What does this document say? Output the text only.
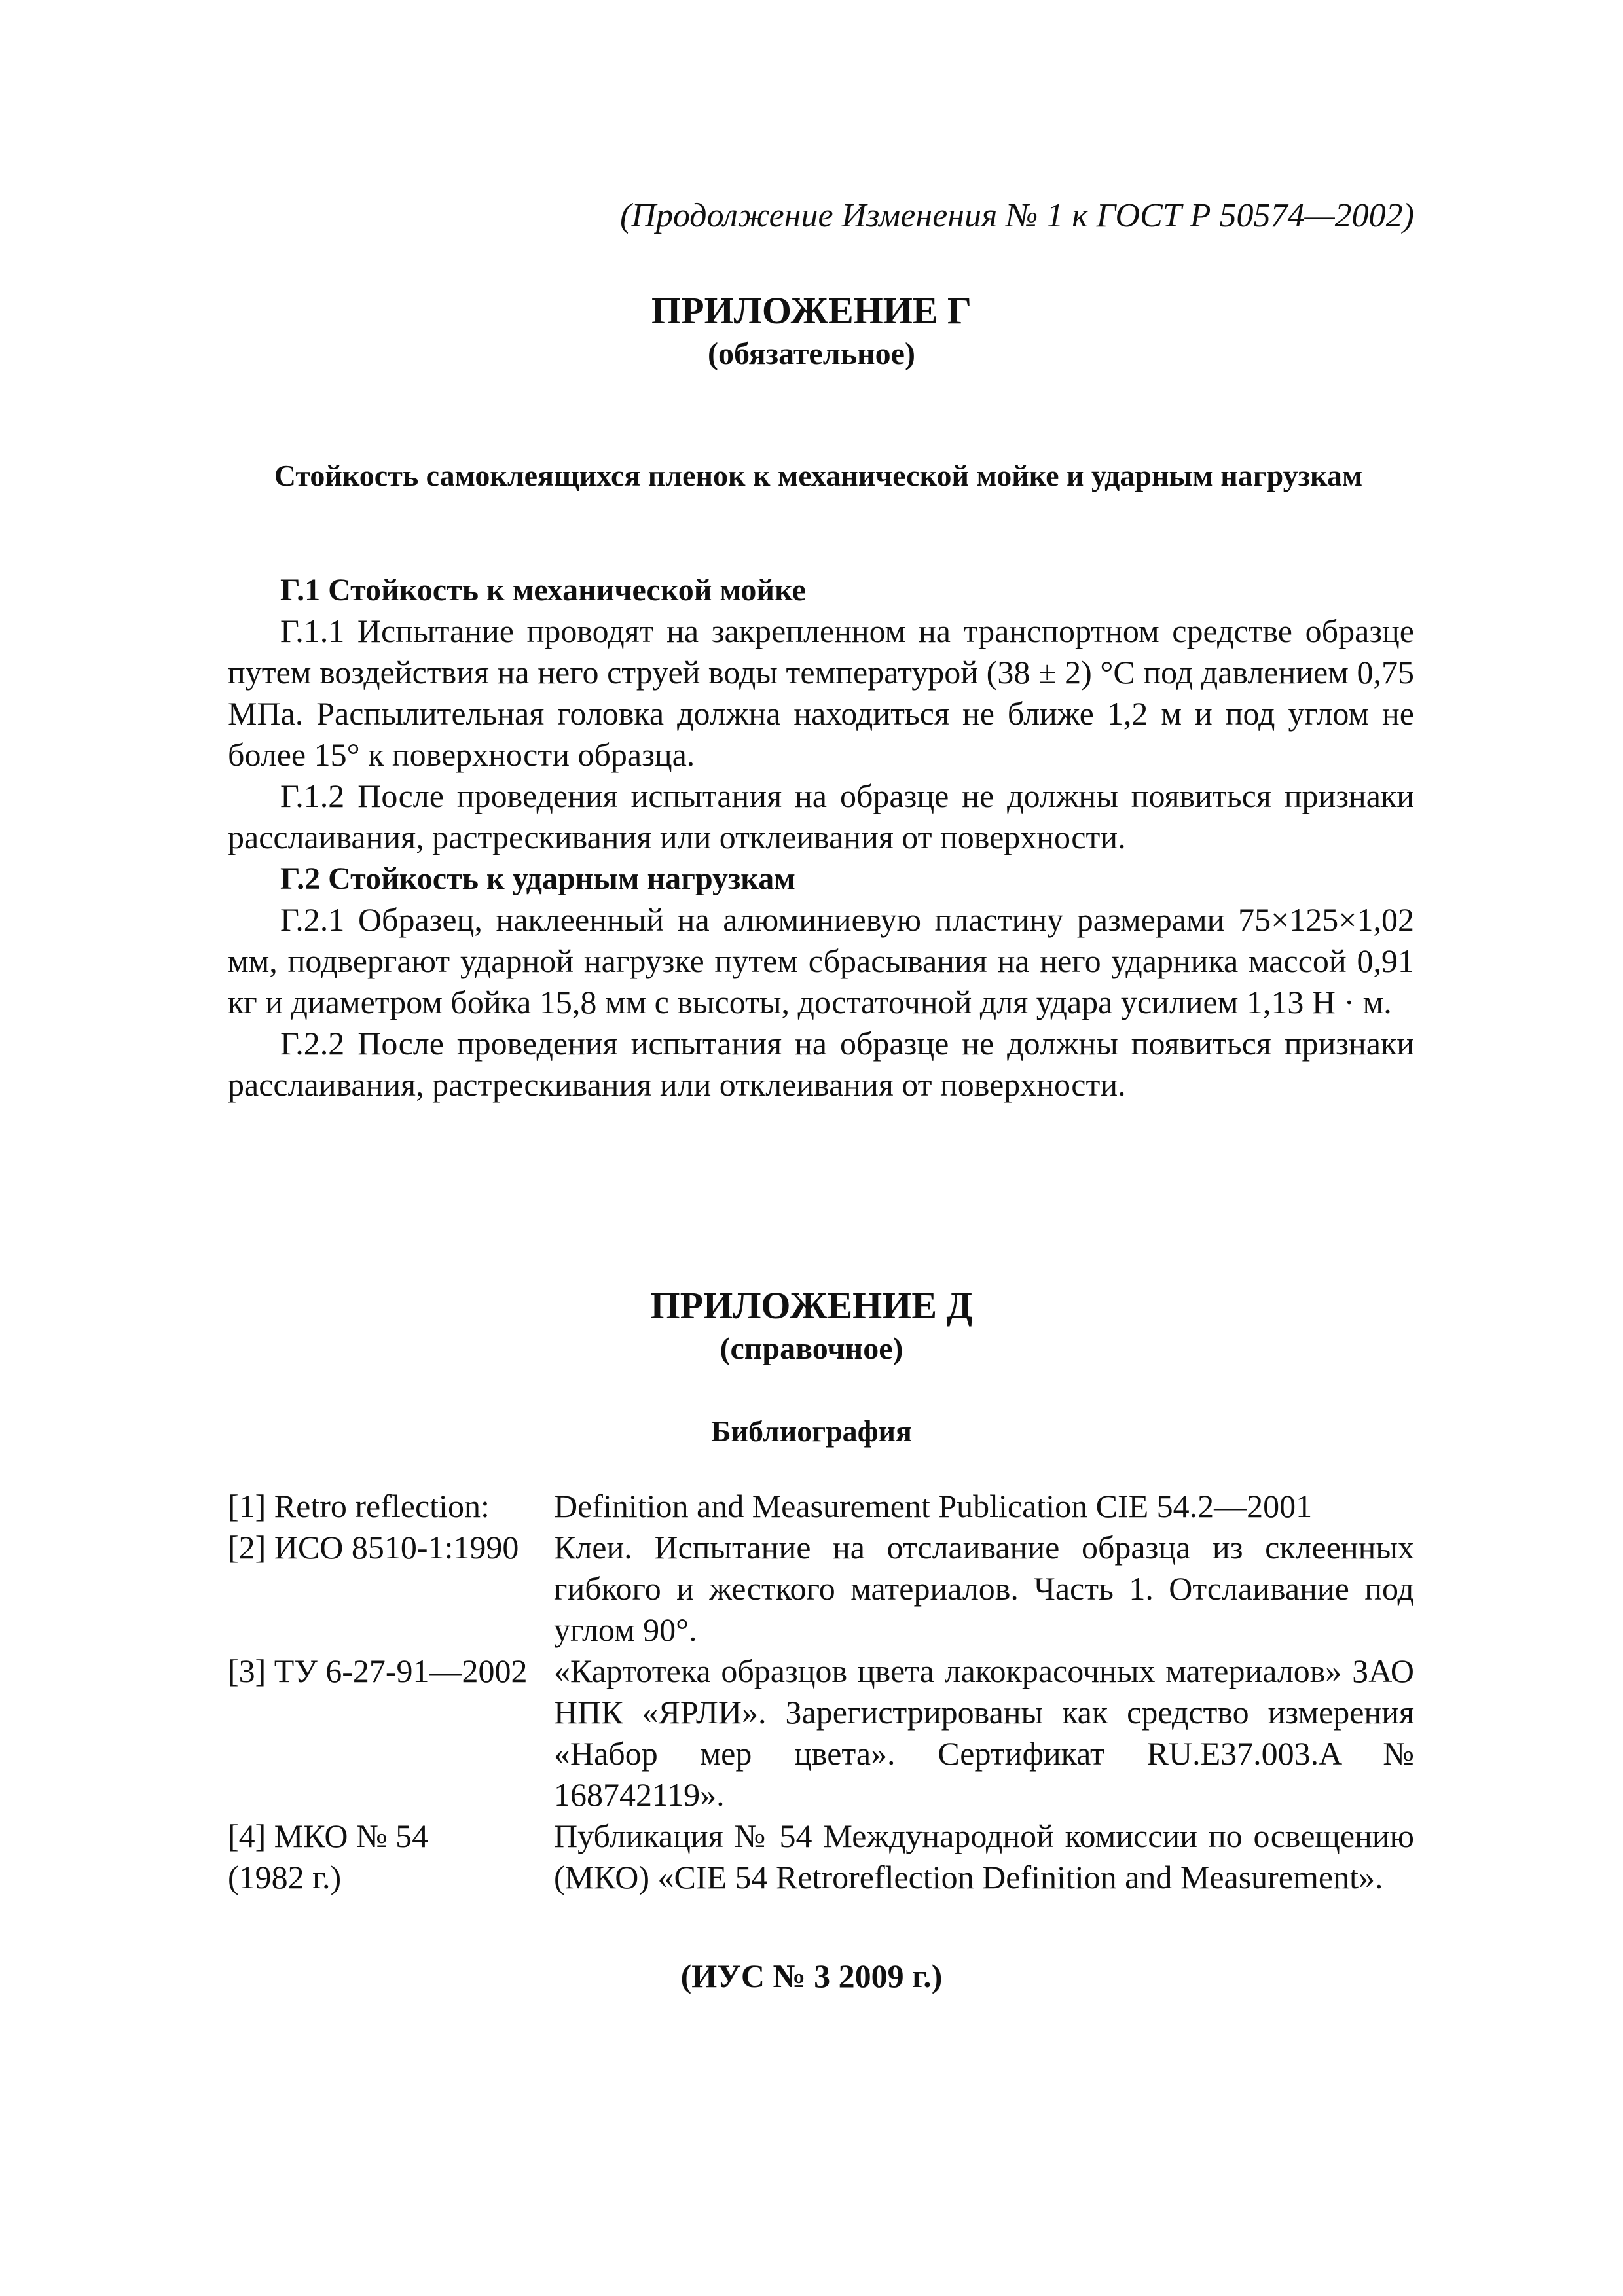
(Продолжение Изменения № 1 к ГОСТ Р 50574—2002)
ПРИЛОЖЕНИЕ Г
(обязательное)
Стойкость самоклеящихся пленок к механической мойке и ударным нагрузкам
Г.1 Стойкость к механической мойке

Г.1.1 Испытание проводят на закрепленном на транспортном средстве образце путем воздействия на него струей воды температурой (38 ± 2) °С под давлением 0,75 МПа. Распылительная головка должна находиться не ближе 1,2 м и под углом не более 15° к поверхности образца.

Г.1.2 После проведения испытания на образце не должны появиться признаки расслаивания, растрескивания или отклеивания от поверхности.

Г.2 Стойкость к ударным нагрузкам

Г.2.1 Образец, наклеенный на алюминиевую пластину размерами 75×125×1,02 мм, подвергают ударной нагрузке путем сбрасывания на него ударника массой 0,91 кг и диаметром бойка 15,8 мм с высоты, достаточной для удара усилием 1,13 Н · м.

Г.2.2 После проведения испытания на образце не должны появиться признаки расслаивания, растрескивания или отклеивания от поверхности.

ПРИЛОЖЕНИЕ Д
(справочное)
Библиография
[1] Retro reflection:	Definition and Measurement Publication CIE 54.2—2001
[2] ИСО 8510-1:1990	Клеи. Испытание на отслаивание образца из склеенных гибкого и жесткого материалов. Часть 1. Отслаивание под углом 90°.
[3] ТУ 6-27-91—2002 «Картотека образцов цвета лакокрасочных материалов» ЗАО НПК «ЯРЛИ». Зарегистрированы как средство измерения «Набор мер цвета». Сертификат RU.E37.003.A № 168742119».
[4] МКО № 54 (1982 г.)
Публикация № 54 Международной комиссии по освещению (МКО) «CIE 54 Retroreflection Definition and Measurement».
(ИУС № 3 2009 г.)
